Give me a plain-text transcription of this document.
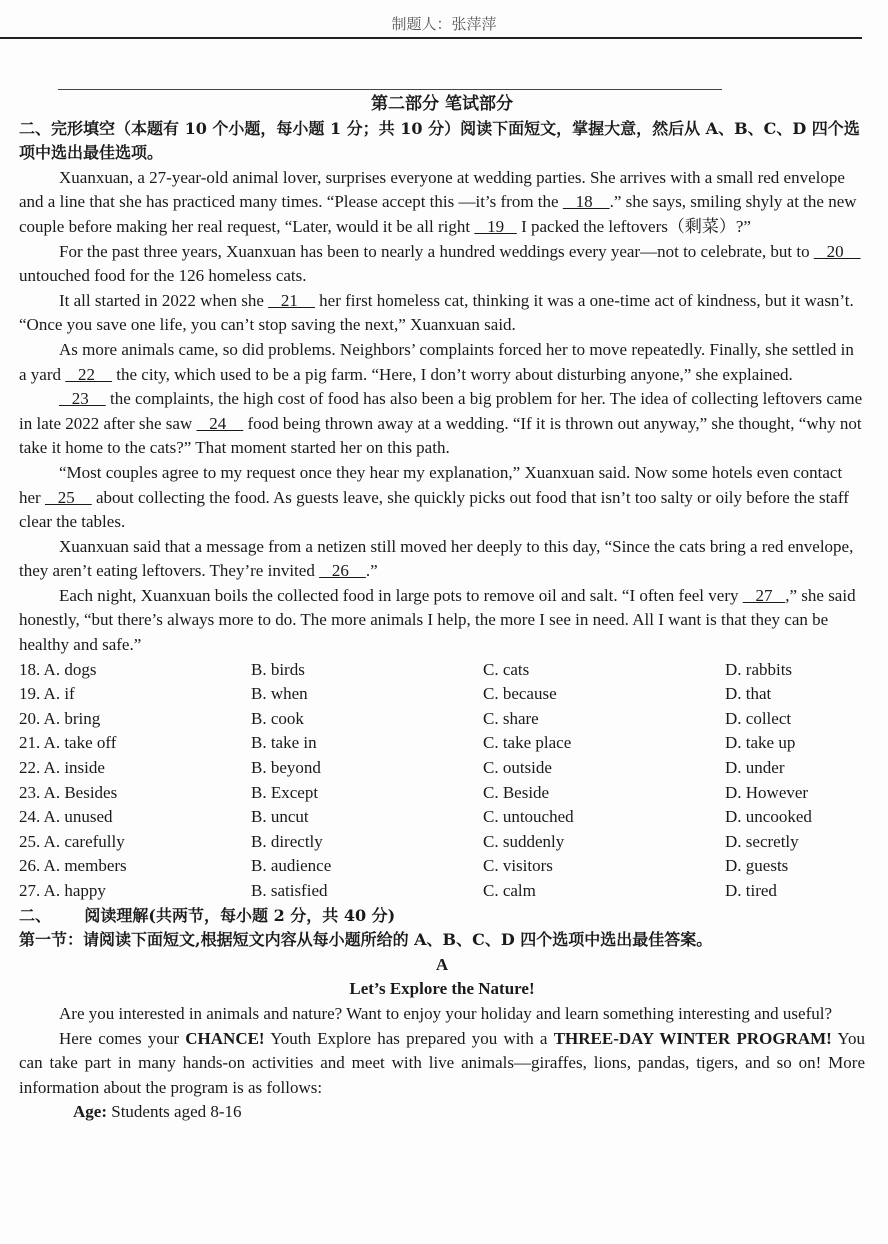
制题人：张萍萍
第二部分 笔试部分
二、完形填空（本题有 10 个小题，每小题 1 分；共 10 分）阅读下面短文，掌握大意，然后从 A、B、C、D 四个选项中选出最佳选项。

Xuanxuan, a 27-year-old animal lover, surprises everyone at wedding parties. She arrives with a small red envelope and a line that she has practiced many times. “Please accept this —it’s from the    18    .” she says, smiling shyly at the new couple before making her real request, “Later, would it be all right    19    I packed the leftovers（剩菜）?”

For the past three years, Xuanxuan has been to nearly a hundred weddings every year—not to celebrate, but to    20     untouched food for the 126 homeless cats.

It all started in 2022 when she    21     her first homeless cat, thinking it was a one-time act of kindness, but it wasn’t. “Once you save one life, you can’t stop saving the next,” Xuanxuan said.

As more animals came, so did problems. Neighbors’ complaints forced her to move repeatedly. Finally, she settled in a yard    22     the city, which used to be a pig farm. “Here, I don’t worry about disturbing anyone,” she explained.

23     the complaints, the high cost of food has also been a big problem for her. The idea of collecting leftovers came in late 2022 after she saw    24     food being thrown away at a wedding. “If it is thrown out anyway,” she thought, “why not take it home to the cats?” That moment started her on this path.

“Most couples agree to my request once they hear my explanation,” Xuanxuan said. Now some hotels even contact her    25     about collecting the food. As guests leave, she quickly picks out food that isn’t too salty or oily before the staff clear the tables.

Xuanxuan said that a message from a netizen still moved her deeply to this day, “Since the cats bring a red envelope, they aren’t eating leftovers. They’re invited    26    .”

Each night, Xuanxuan boils the collected food in large pots to remove oil and salt. “I often feel very    27   ,” she said honestly, “but there’s always more to do. The more animals I help, the more I see in need. All I want is that they can be healthy and safe.”

18. A. dogs	B. birds	C. cats	D. rabbits
19. A. if	B. when	C. because	D. that
20. A. bring	B. cook	C. share	D. collect
21. A. take off	B. take in	C. take place	D. take up
22. A. inside	B. beyond	C. outside	D. under
23. A. Besides	B. Except	C. Beside	D. However
24. A. unused	B. uncut	C. untouched	D. uncooked
25. A. carefully	B. directly	C. suddenly	D. secretly
26. A. members	B. audience	C. visitors	D. guests
27. A. happy	B. satisfied	C. calm	D. tired
二、      阅读理解(共两节，每小题 2 分，共 40 分)
第一节：请阅读下面短文,根据短文内容从每小题所给的 A、B、C、D 四个选项中选出最佳答案。
A
Let’s Explore the Nature!

Are you interested in animals and nature? Want to enjoy your holiday and learn something interesting and useful?

Here comes your CHANCE! Youth Explore has prepared you with a THREE-DAY WINTER PROGRAM! You can take part in many hands-on activities and meet with live animals—giraffes, lions, pandas, tigers, and so on! More information about the program is as follows:

Age: Students aged 8-16
